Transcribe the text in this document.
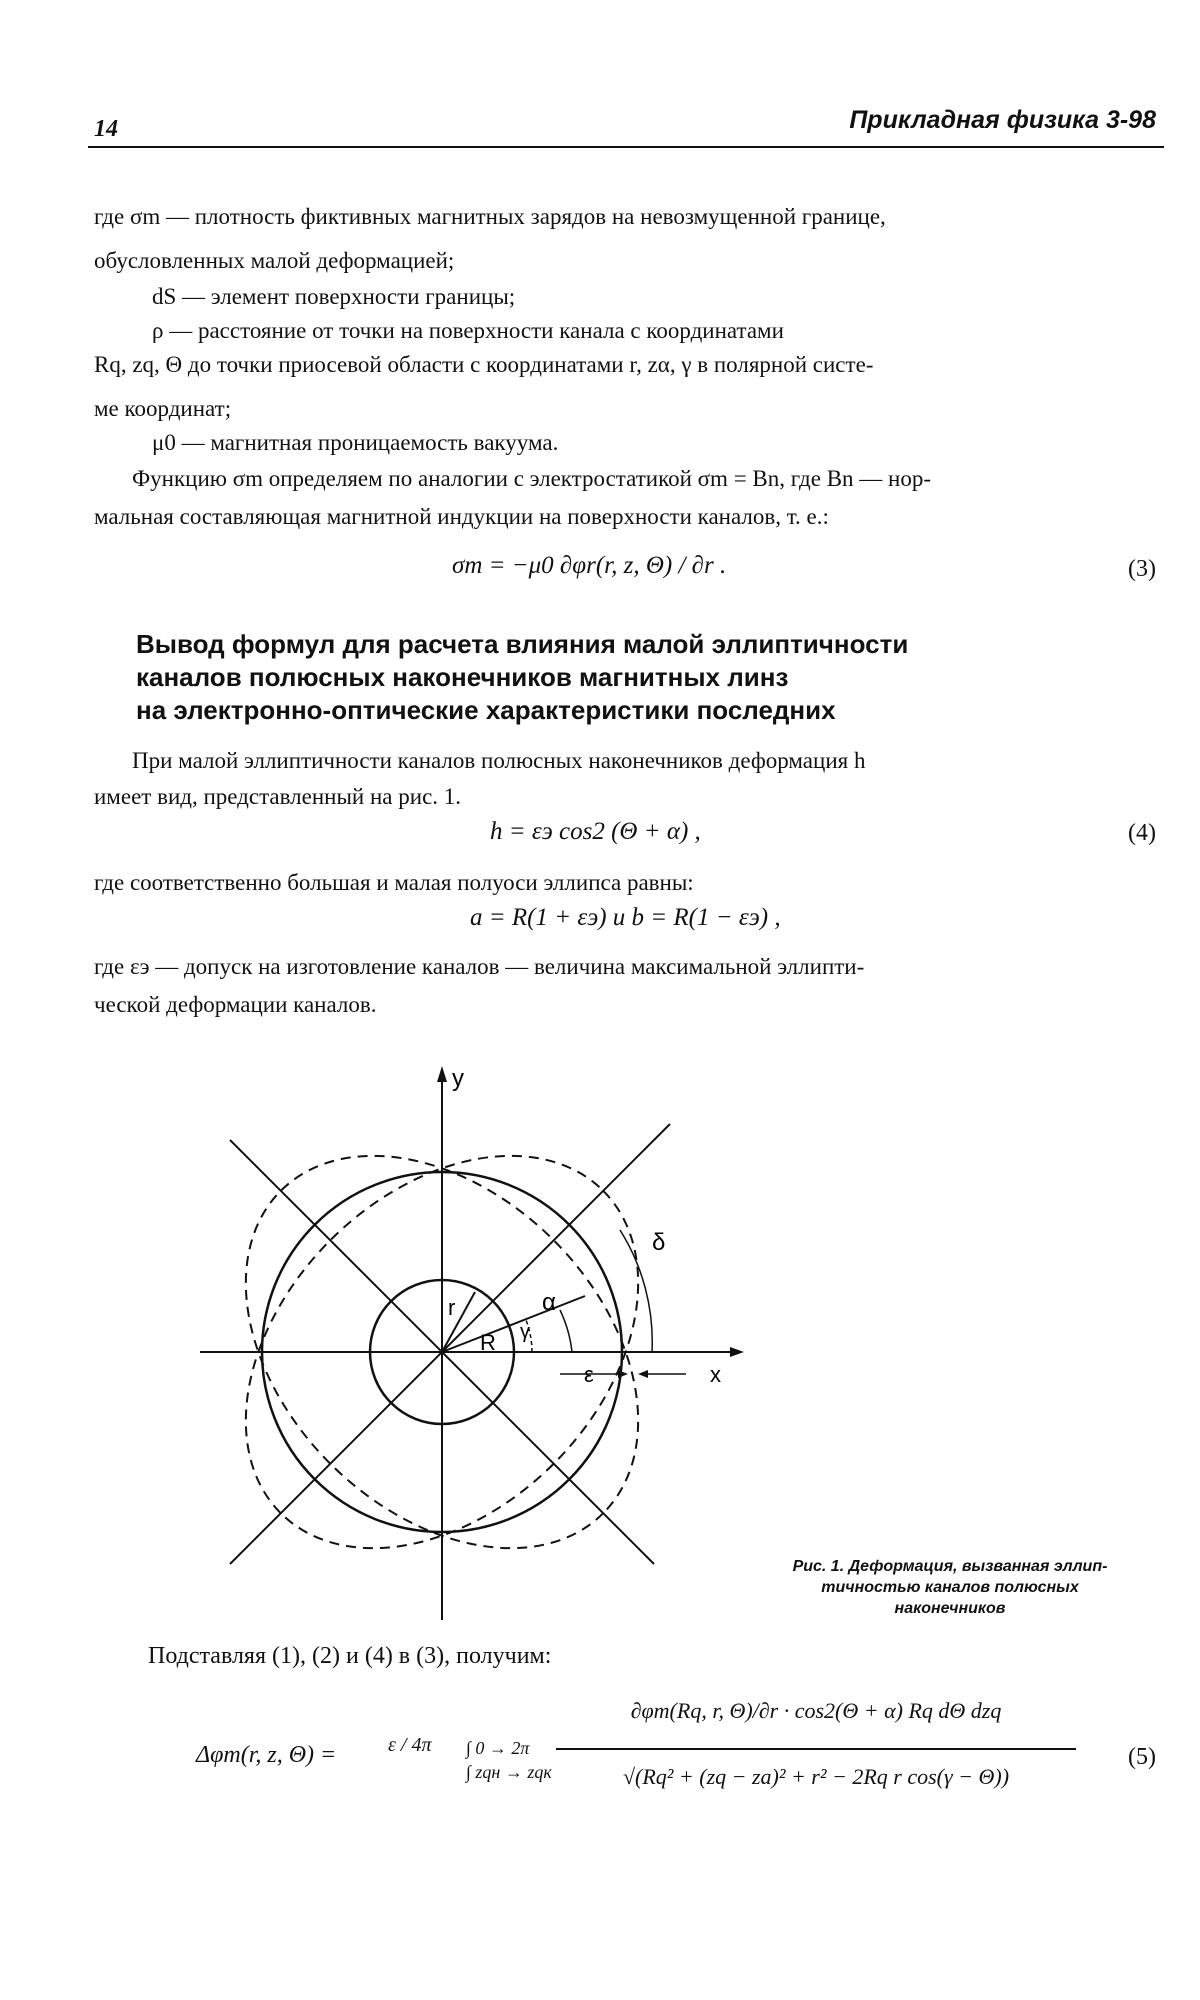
14	Прикладная физика 3-98
где σm — плотность фиктивных магнитных зарядов на невозмущенной границе,
обусловленных малой деформацией;
dS — элемент поверхности границы;
ρ — расстояние от точки на поверхности канала с координатами
Rq, zq, Θ до точки приосевой области с координатами r, zα, γ в полярной систе-
ме координат;
μ0 — магнитная проницаемость вакуума.
Функцию σm определяем по аналогии с электростатикой σm = Bn, где Bn — нор-
мальная составляющая магнитной индукции на поверхности каналов, т. е.:
σm = −μ0 ∂φr(r, z, Θ) / ∂r .	(3)
Вывод формул для расчета влияния малой эллиптичности
каналов полюсных наконечников магнитных линз
на электронно-оптические характеристики последних
При малой эллиптичности каналов полюсных наконечников деформация h
имеет вид, представленный на рис. 1.
h = εэ cos2 (Θ + α) ,	(4)
где соответственно большая и малая полуоси эллипса равны:
a = R(1 + εэ) и b = R(1 − εэ) ,
где εэ — допуск на изготовление каналов — величина максимальной эллипти-
ческой деформации каналов.
y
x
r
R
α
γ
ε
δ
Рис. 1. Деформация, вызванная эллип-
тичностью каналов полюсных
наконечников
Подставляя (1), (2) и (4) в (3), получим:
Δφm(r, z, Θ) =	ε / 4π ∫ 0 → 2π
∫ zqн → zqк
∂φm(Rq, r, Θ)/∂r · cos2(Θ + α) Rq dΘ dzq
√(Rq² + (zq − za)² + r² − 2Rq r cos(γ − Θ))
(5)
